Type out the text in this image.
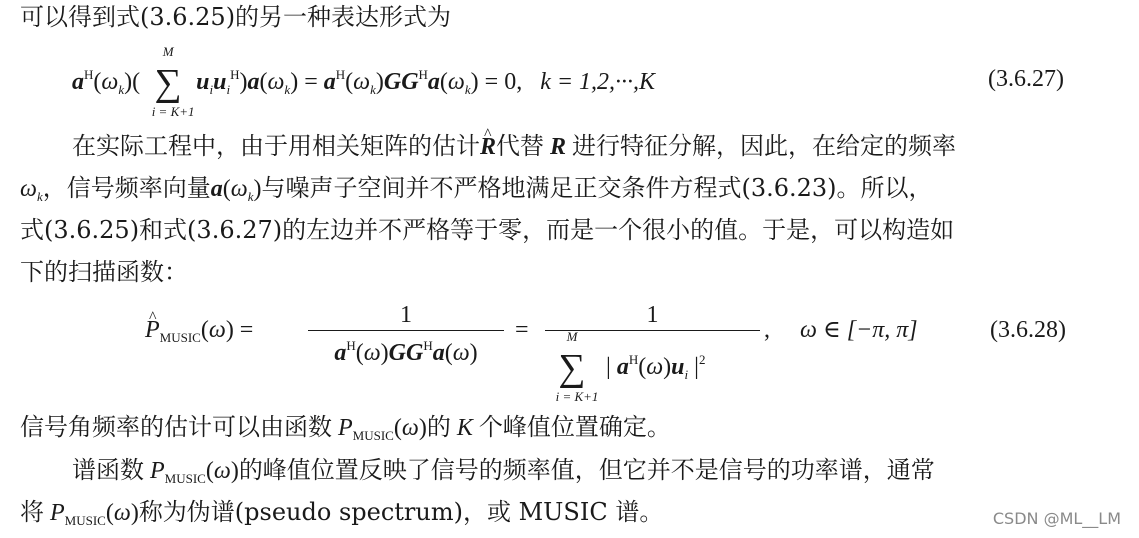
可以得到式(3.6.25)的另一种表达形式为
$a^H(\omega_k)$(
M
∑
i = K+1
$u_iu_i^H)a(\omega_k) = a^H(\omega_k)GG^Ha(\omega_k) = 0$, k = 1,2,···,K	(3.6.27)
在实际工程中，由于用相关矩阵的估计^ R代替 R 进行特征分解，因此，在给定的频率
$\omega_k$，信号频率向量$a(\omega_k)$与噪声子空间并不严格地满足正交条件方程式(3.6.23)。所以，
式(3.6.25)和式(3.6.27)的左边并不严格等于零，而是一个很小的值。于是，可以构造如
下的扫描函数：
^ $P_{MUSIC}(\omega)$ =
1
$a^H(\omega)GG^Ha(\omega)$
=
1
M
∑
i = K+1
| $a^H(\omega)u_i$ $|^2$
, ω ∈ [−π, π]	(3.6.28)
信号角频率的估计可以由函数 $P_{MUSIC}(\omega)$的 K 个峰值位置确定。
谱函数 $P_{MUSIC}(\omega)$的峰值位置反映了信号的频率值，但它并不是信号的功率谱，通常
将 $P_{MUSIC}(\omega)$称为伪谱(pseudo spectrum)，或 MUSIC 谱。	CSDN @ML__LM
